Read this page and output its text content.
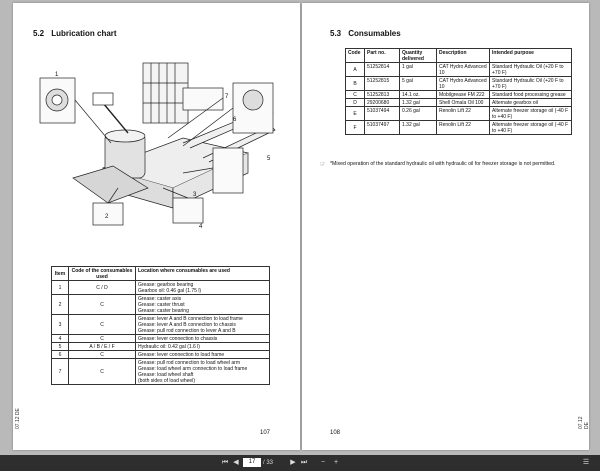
5.2 Lubrication chart
1
2
3
4
5
6
7
Item	Code of the consumables used	Location where consumables are used
1	C / D	Grease: gearbox bearing
Gearbox oil: 0.46 gal (1.75 l)

2	C	Grease: caster axis
Grease: caster thrust
Grease: caster bearing

3	C	Grease: lever A and B connection to load frame
Grease: lever A and B connection to chassis
Grease: pull rod connection to lever A and B

4	C	Grease: lever connection to chassis

5	A / B / E / F	Hydraulic oil: 0.42 gal (1.6 l)

6	C	Grease: lever connection to load frame

7	C	Grease: pull rod connection to load wheel arm
Grease: load wheel arm connection to load frame
Grease: load wheel shaft
(both sides of load wheel)
107
07.12 DE
5.3 Consumables
Code	Part no.	Quantity delivered	Description	Intended purpose
A	51252814	1 gal	CAT Hydro Advanced 10	Standard Hydraulic Oil (+20 F to +70 F)
B	51252815	5 gal	CAT Hydro Advanced 10	Standard Hydraulic Oil (+20 F to +70 F)
C	51252813	14.1 oz.	Mobilgrease FM 222	Standard food processing grease
D	29200680	1.32 gal	Shell Omala Oil 100	Alternate gearbox oil
E	51037494	0.26 gal	Renolin Lift 22	Alternate freezer storage oil (-40 F to +40 F)
F	51037497	1.32 gal	Renolin Lift 22	Alternate freezer storage oil (-40 F to +40 F)
☞ *Mixed operation of the standard hydraulic oil with hydraulic oil for freezer storage is not permitted.
108
07.12 DE
⏮ ◀	17	/ 33	▶ ⏭	−	+	☰
